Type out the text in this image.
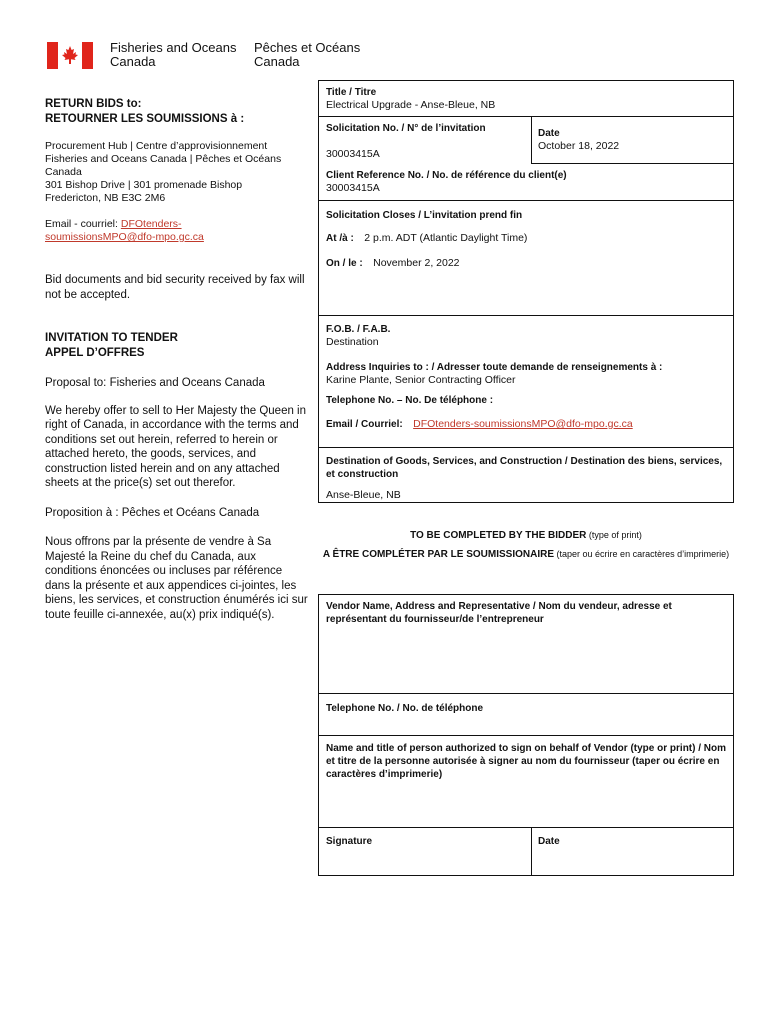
Fisheries and Oceans
Canada
Pêches et Océans
Canada
RETURN BIDS to:
RETOURNER LES SOUMISSIONS à :
Procurement Hub | Centre d’approvisionnement
Fisheries and Oceans Canada | Pêches et Océans
Canada
301 Bishop Drive | 301 promenade Bishop
Fredericton, NB E3C 2M6
Email - courriel: DFOtenders-
soumissionsMPO@dfo-mpo.gc.ca
Bid documents and bid security received by fax will not be accepted.
INVITATION TO TENDER
APPEL D’OFFRES
Proposal to: Fisheries and Oceans Canada
We hereby offer to sell to Her Majesty the Queen in right of Canada, in accordance with the terms and conditions set out herein, referred to herein or attached hereto, the goods, services, and construction listed herein and on any attached sheets at the price(s) set out therefor.
Proposition à : Pêches et Océans Canada
Nous offrons par la présente de vendre à Sa Majesté la Reine du chef du Canada, aux conditions énoncées ou incluses par référence dans la présente et aux appendices ci-jointes, les biens, les services, et construction énumérés ici sur toute feuille ci-annexée, au(x) prix indiqué(s).
Title / Titre
Electrical Upgrade - Anse-Bleue, NB
Solicitation No. / N° de l’invitation
30003415A
Date
October 18, 2022
Client Reference No. / No. de référence du client(e)
30003415A
Solicitation Closes / L’invitation prend fin
At /à : 2 p.m. ADT (Atlantic Daylight Time)
On / le : November 2, 2022
F.O.B. / F.A.B.
Destination
Address Inquiries to : / Adresser toute demande de renseignements à :
Karine Plante, Senior Contracting Officer
Telephone No. – No. De téléphone :
Email / Courriel: DFOtenders-soumissionsMPO@dfo-mpo.gc.ca
Destination of Goods, Services, and Construction / Destination des biens, services, et construction
Anse-Bleue, NB
TO BE COMPLETED BY THE BIDDER (type of print)
A ÊTRE COMPLÉTER PAR LE SOUMISSIONAIRE (taper ou écrire en caractères d’imprimerie)
Vendor Name, Address and Representative / Nom du vendeur, adresse et représentant du fournisseur/de l’entrepreneur
Telephone No. / No. de téléphone
Name and title of person authorized to sign on behalf of Vendor (type or print) / Nom et titre de la personne autorisée à signer au nom du fournisseur (taper ou écrire en caractères d’imprimerie)
Signature	Date
